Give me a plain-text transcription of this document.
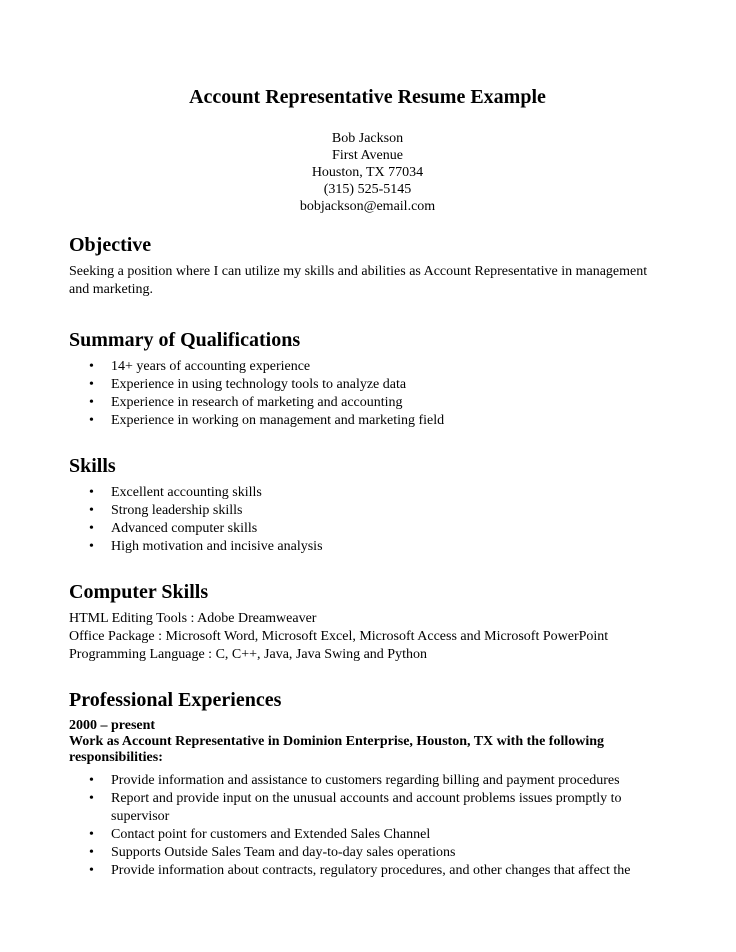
Account Representative Resume Example
Bob Jackson
First Avenue
Houston, TX 77034
(315) 525-5145
bobjackson@email.com
Objective

Seeking a position where I can utilize my skills and abilities as Account Representative in management and marketing.

Summary of Qualifications
• 14+ years of accounting experience
• Experience in using technology tools to analyze data
• Experience in research of marketing and accounting
• Experience in working on management and marketing field
Skills
• Excellent accounting skills
• Strong leadership skills
• Advanced computer skills
• High motivation and incisive analysis
Computer Skills
HTML Editing Tools : Adobe Dreamweaver
Office Package : Microsoft Word, Microsoft Excel, Microsoft Access and Microsoft PowerPoint
Programming Language : C, C++, Java, Java Swing and Python
Professional Experiences
2000 – present
Work as Account Representative in Dominion Enterprise, Houston, TX with the following responsibilities:
• Provide information and assistance to customers regarding billing and payment procedures
• Report and provide input on the unusual accounts and account problems issues promptly to supervisor
• Contact point for customers and Extended Sales Channel
• Supports Outside Sales Team and day-to-day sales operations
• Provide information about contracts, regulatory procedures, and other changes that affect the
